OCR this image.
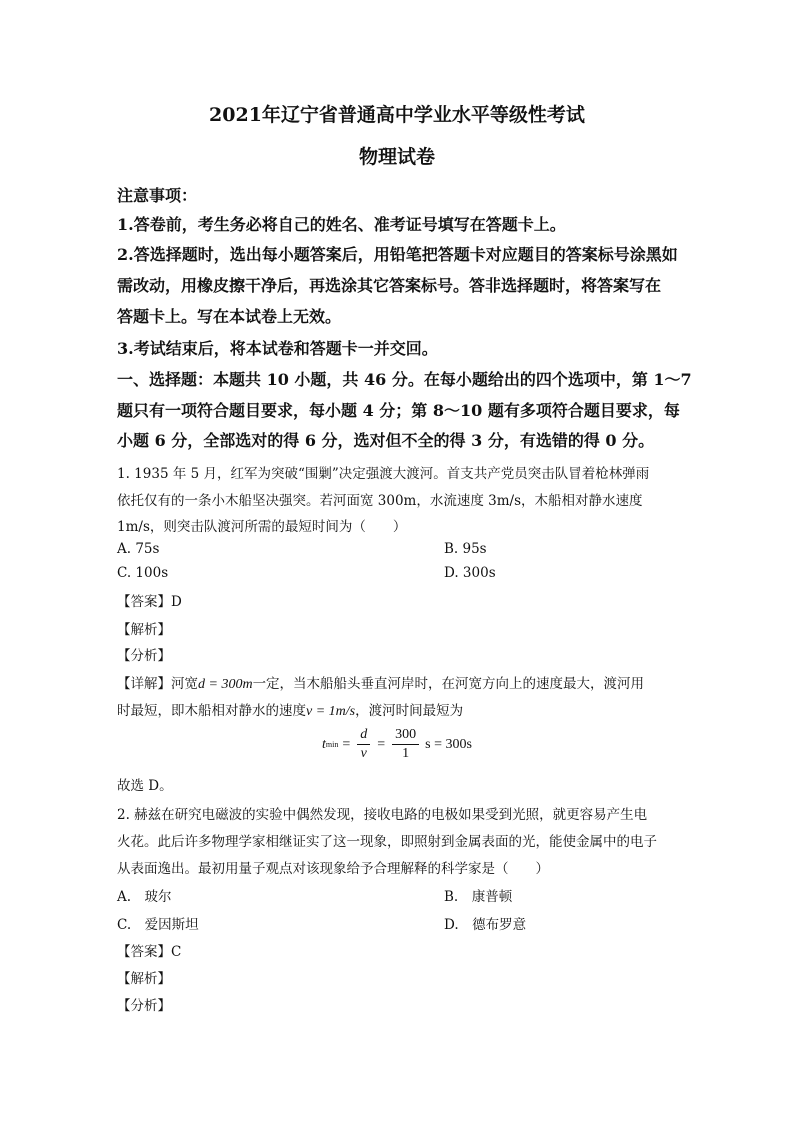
2021年辽宁省普通高中学业水平等级性考试
物理试卷
注意事项：
1.答卷前，考生务必将自己的姓名、准考证号填写在答题卡上。
2.答选择题时，选出每小题答案后，用铅笔把答题卡对应题目的答案标号涂黑如
需改动，用橡皮擦干净后，再选涂其它答案标号。答非选择题时，将答案写在
答题卡上。写在本试卷上无效。
3.考试结束后，将本试卷和答题卡一并交回。
一、选择题：本题共 10 小题，共 46 分。在每小题给出的四个选项中，第 1～7
题只有一项符合题目要求，每小题 4 分；第 8～10 题有多项符合题目要求，每
小题 6 分，全部选对的得 6 分，选对但不全的得 3 分，有选错的得 0 分。
1. 1935 年 5 月，红军为突破“围剿”决定强渡大渡河。首支共产党员突击队冒着枪林弹雨
依托仅有的一条小木船坚决强突。若河面宽 300m，水流速度 3m/s，木船相对静水速度
1m/s，则突击队渡河所需的最短时间为（　　）
A. 75s	B. 95s
C. 100s	D. 300s
【答案】D
【解析】
【分析】
【详解】河宽d = 300m一定，当木船船头垂直河岸时，在河宽方向上的速度最大，渡河用
时最短，即木船相对静水的速度v = 1m/s，渡河时间最短为
t $\min = \frac{d}{v} = \frac{300}{1}$ s = 300s
故选 D。
2. 赫兹在研究电磁波的实验中偶然发现，接收电路的电极如果受到光照，就更容易产生电
火花。此后许多物理学家相继证实了这一现象，即照射到金属表面的光，能使金属中的电子
从表面逸出。最初用量子观点对该现象给予合理解释的科学家是（　　）
A.　玻尔	B.　康普顿
C.　爱因斯坦	D.　德布罗意
【答案】C
【解析】
【分析】
